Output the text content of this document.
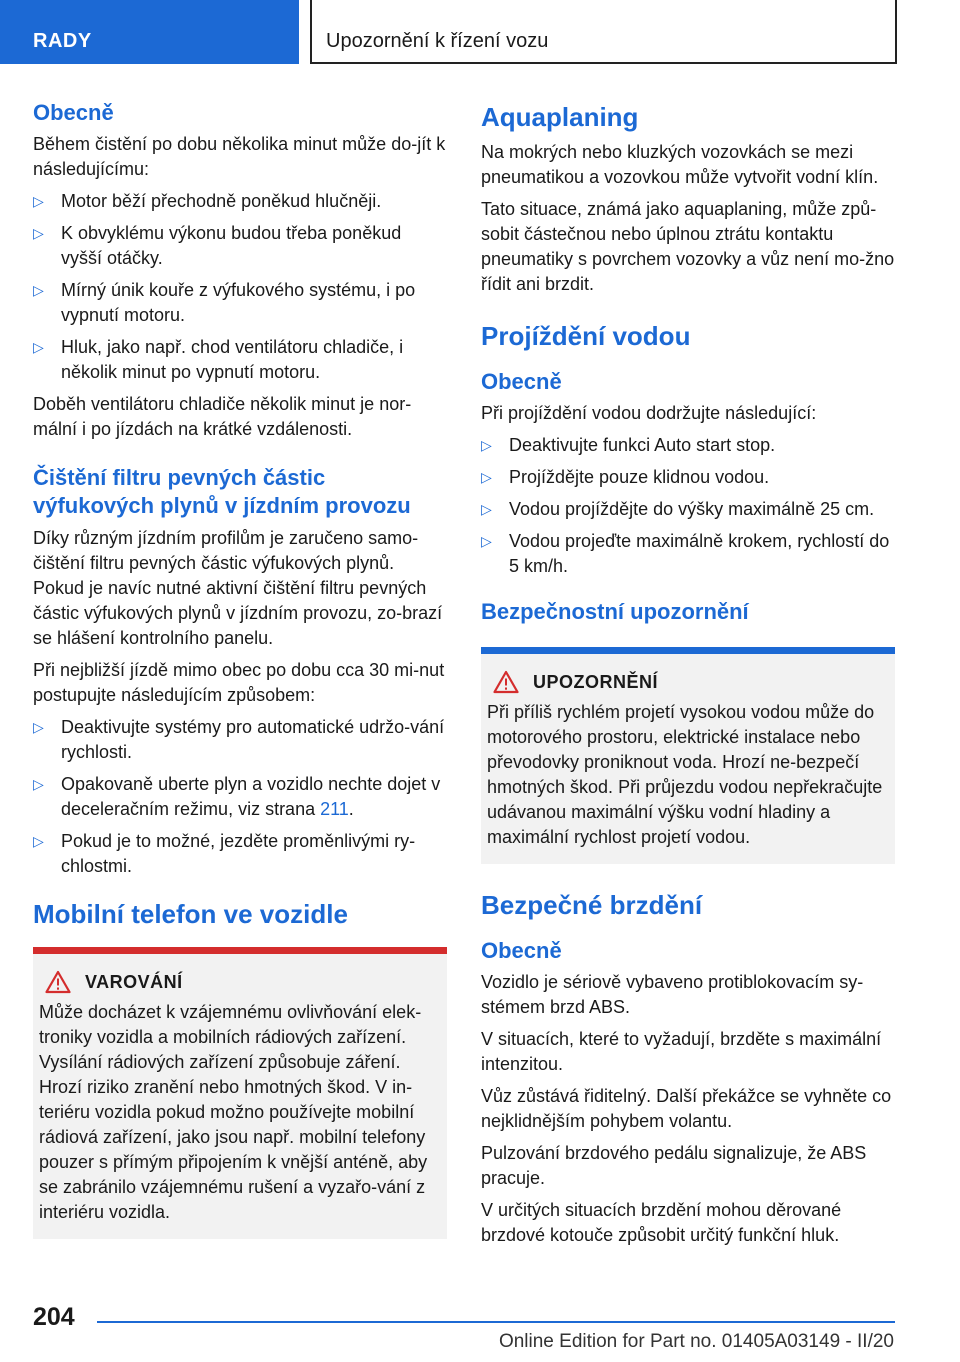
RADY	Upozornění k řízení vozu
Obecně

Během čistění po dobu několika minut může do‐jít k následujícímu:

▷ Motor běží přechodně poněkud hlučněji.
▷ K obvyklému výkonu budou třeba poněkud vyšší otáčky.
▷ Mírný únik kouře z výfukového systému, i po vypnutí motoru.
▷ Hluk, jako např. chod ventilátoru chladiče, i několik minut po vypnutí motoru.

Doběh ventilátoru chladiče několik minut je nor‐mální i po jízdách na krátké vzdálenosti.

Čištění filtru pevných částic výfukových plynů v jízdním provozu

Díky různým jízdním profilům je zaručeno samo‐čištění filtru pevných částic výfukových plynů. Pokud je navíc nutné aktivní čištění filtru pevných částic výfukových plynů v jízdním provozu, zo‐brazí se hlášení kontrolního panelu.

Při nejbližší jízdě mimo obec po dobu cca 30 mi‐nut postupujte následujícím způsobem:

▷ Deaktivujte systémy pro automatické udržo‐vání rychlosti.
▷ Opakovaně uberte plyn a vozidlo nechte dojet v deceleračním režimu, viz strana 211.
▷ Pokud je to možné, jezděte proměnlivými ry‐chlostmi.
Mobilní telefon ve vozidle
VAROVÁNÍ

Může docházet k vzájemnému ovlivňování elek‐troniky vozidla a mobilních rádiových zařízení. Vysílání rádiových zařízení způsobuje záření. Hrozí riziko zranění nebo hmotných škod. V in‐teriéru vozidla pokud možno používejte mobilní rádiová zařízení, jako jsou např. mobilní telefony pouzer s přímým připojením k vnější anténě, aby se zabránilo vzájemnému rušení a vyzařo‐vání z interiéru vozidla.

Aquaplaning

Na mokrých nebo kluzkých vozovkách se mezi pneumatikou a vozovkou může vytvořit vodní klín.

Tato situace, známá jako aquaplaning, může způ‐sobit částečnou nebo úplnou ztrátu kontaktu pneumatiky s povrchem vozovky a vůz není mo‐žno řídit ani brzdit.

Projíždění vodou
Obecně

Při projíždění vodou dodržujte následující:

▷ Deaktivujte funkci Auto start stop.
▷ Projíždějte pouze klidnou vodou.
▷ Vodou projíždějte do výšky maximálně 25 cm.
▷ Vodou projeďte maximálně krokem, rychlostí do 5 km/h.
Bezpečnostní upozornění
UPOZORNĚNÍ

Při příliš rychlém projetí vysokou vodou může do motorového prostoru, elektrické instalace nebo převodovky proniknout voda. Hrozí ne‐bezpečí hmotných škod. Při průjezdu vodou nepřekračujte udávanou maximální výšku vodní hladiny a maximální rychlost projetí vodou.

Bezpečné brzdění
Obecně

Vozidlo je sériově vybaveno protiblokovacím sy‐stémem brzd ABS.

V situacích, které to vyžadují, brzděte s maximální intenzitou.

Vůz zůstává řiditelný. Další překážce se vyhněte co nejklidnějším pohybem volantu.

Pulzování brzdového pedálu signalizuje, že ABS pracuje.

V určitých situacích brzdění mohou děrované brzdové kotouče způsobit určitý funkční hluk.

204
Online Edition for Part no. 01405A03149 - II/20
